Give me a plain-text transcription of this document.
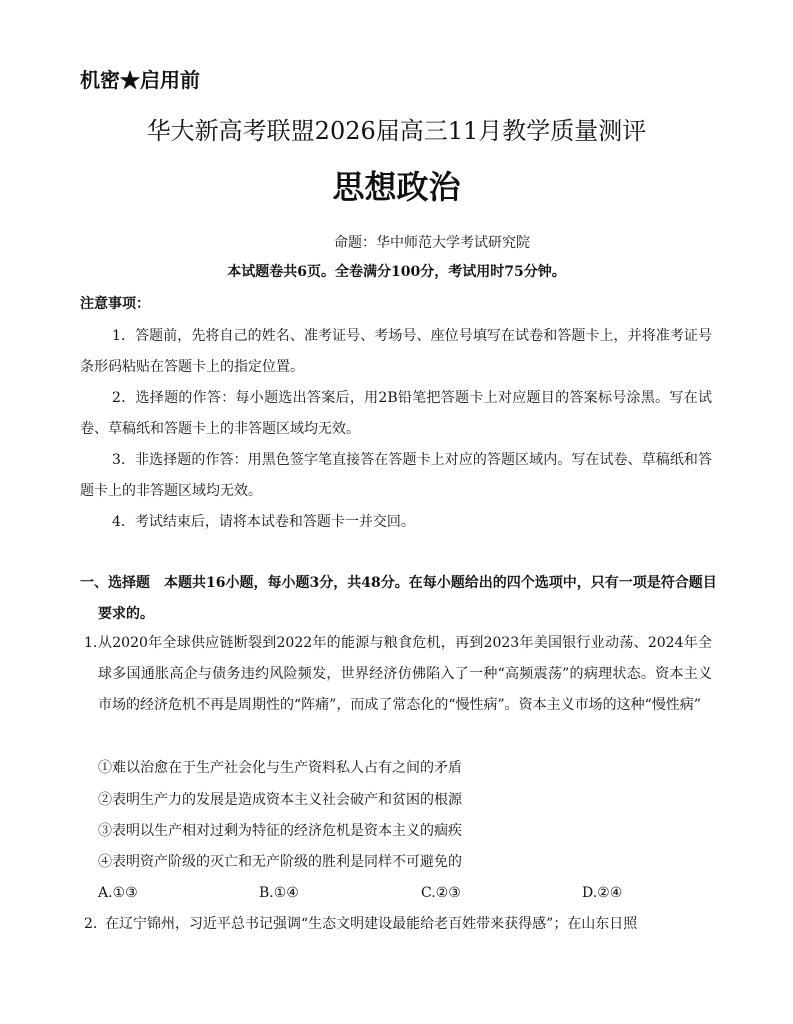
机密★启用前
华大新高考联盟2026届高三11月教学质量测评
思想政治
命题：华中师范大学考试研究院
本试题卷共6页。全卷满分100分，考试用时75分钟。
注意事项：
1．答题前，先将自己的姓名、准考证号、考场号、座位号填写在试卷和答题卡上，并将准考证号条形码粘贴在答题卡上的指定位置。
2．选择题的作答：每小题选出答案后，用2B铅笔把答题卡上对应题目的答案标号涂黑。写在试卷、草稿纸和答题卡上的非答题区域均无效。
3．非选择题的作答：用黑色签字笔直接答在答题卡上对应的答题区域内。写在试卷、草稿纸和答题卡上的非答题区域均无效。
4．考试结束后，请将本试卷和答题卡一并交回。
一、选择题　本题共16小题，每小题3分，共48分。在每小题给出的四个选项中，只有一项是符合题目要求的。
1. 从2020年全球供应链断裂到2022年的能源与粮食危机，再到2023年美国银行业动荡、2024年全球多国通胀高企与债务违约风险频发，世界经济仿佛陷入了一种“高频震荡”的病理状态。资本主义市场的经济危机不再是周期性的“阵痛”，而成了常态化的“慢性病”。资本主义市场的这种“慢性病”
①难以治愈在于生产社会化与生产资料私人占有之间的矛盾
②表明生产力的发展是造成资本主义社会破产和贫困的根源
③表明以生产相对过剩为特征的经济危机是资本主义的痼疾
④表明资产阶级的灭亡和无产阶级的胜利是同样不可避免的
A.①③	B.①④	C.②③	D.②④
2. 在辽宁锦州，习近平总书记强调“生态文明建设最能给老百姓带来获得感”；在山东日照
